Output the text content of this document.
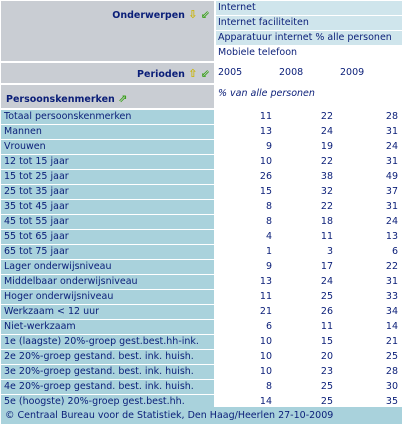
Onderwerpen ⇩ ⇙
Internet
Internet faciliteiten
Apparatuur internet % alle personen
Mobiele telefoon
Perioden ⇧ ⇙ 2005	2008	2009
Persoonskenmerken ⇗	% van alle personen
Totaal persoonskenmerken	11	22	28
Mannen	13	24	31
Vrouwen	9	19	24
12 tot 15 jaar	10	22	31
15 tot 25 jaar	26	38	49
25 tot 35 jaar	15	32	37
35 tot 45 jaar	8	22	31
45 tot 55 jaar	8	18	24
55 tot 65 jaar	4	11	13
65 tot 75 jaar	1	3	6
Lager onderwijsniveau	9	17	22
Middelbaar onderwijsniveau	13	24	31
Hoger onderwijsniveau	11	25	33
Werkzaam < 12 uur	21	26	34
Niet-werkzaam	6	11	14
1e (laagste) 20%-groep gest.best.hh-ink.	10	15	21
2e 20%-groep gestand. best. ink. huish.	10	20	25
3e 20%-groep gestand. best. ink. huish.	10	23	28
4e 20%-groep gestand. best. ink. huish.	8	25	30
5e (hoogste) 20%-groep gest.best.hh.	14	25	35
© Centraal Bureau voor de Statistiek, Den Haag/Heerlen 27-10-2009
